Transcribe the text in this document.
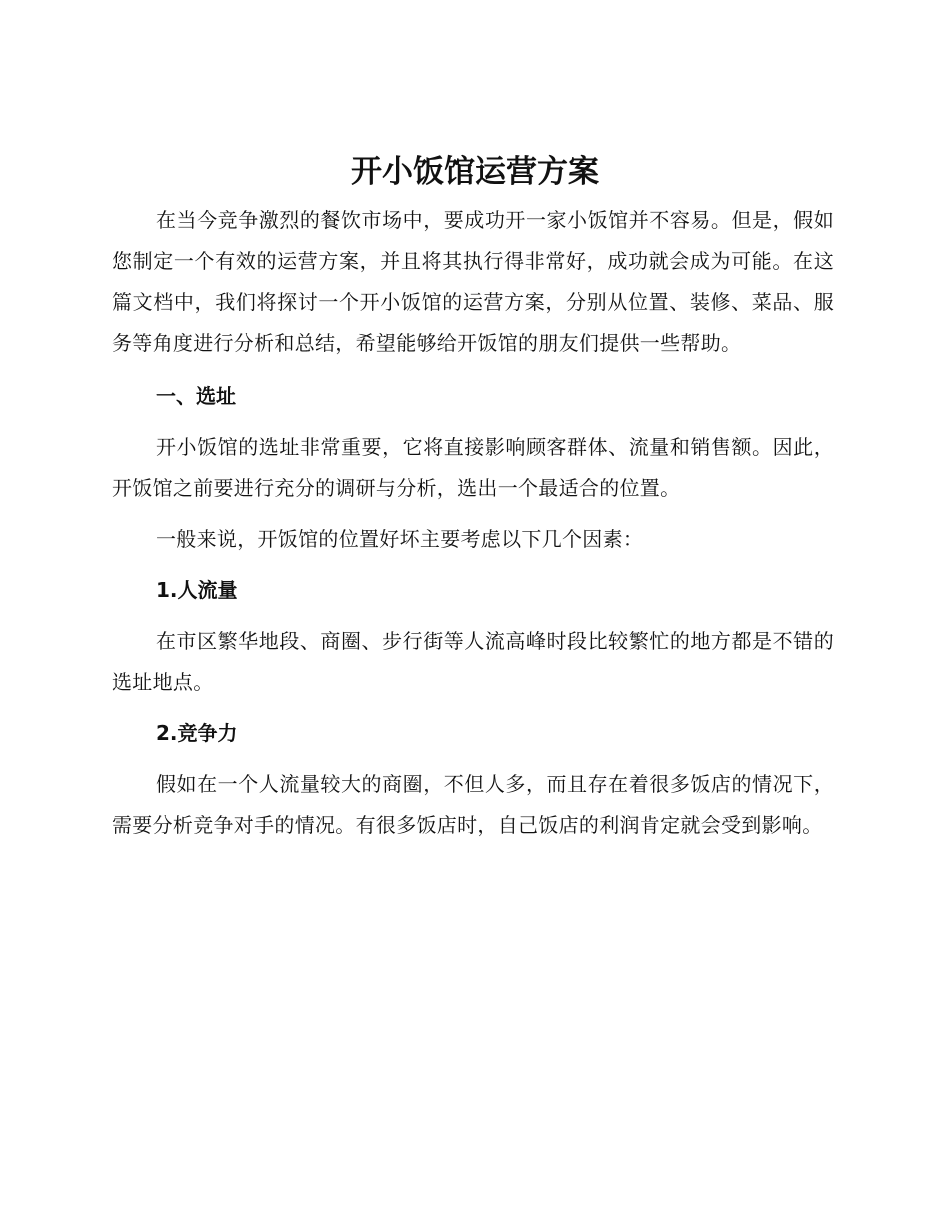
开小饭馆运营方案

在当今竞争激烈的餐饮市场中，要成功开一家小饭馆并不容易。但是，假如您制定一个有效的运营方案，并且将其执行得非常好，成功就会成为可能。在这篇文档中，我们将探讨一个开小饭馆的运营方案，分别从位置、装修、菜品、服务等角度进行分析和总结，希望能够给开饭馆的朋友们提供一些帮助。

一、选址

开小饭馆的选址非常重要，它将直接影响顾客群体、流量和销售额。因此，开饭馆之前要进行充分的调研与分析，选出一个最适合的位置。

一般来说，开饭馆的位置好坏主要考虑以下几个因素：

1.人流量

在市区繁华地段、商圈、步行街等人流高峰时段比较繁忙的地方都是不错的选址地点。

2.竞争力

假如在一个人流量较大的商圈，不但人多，而且存在着很多饭店的情况下，需要分析竞争对手的情况。有很多饭店时，自己饭店的利润肯定就会受到影响。
